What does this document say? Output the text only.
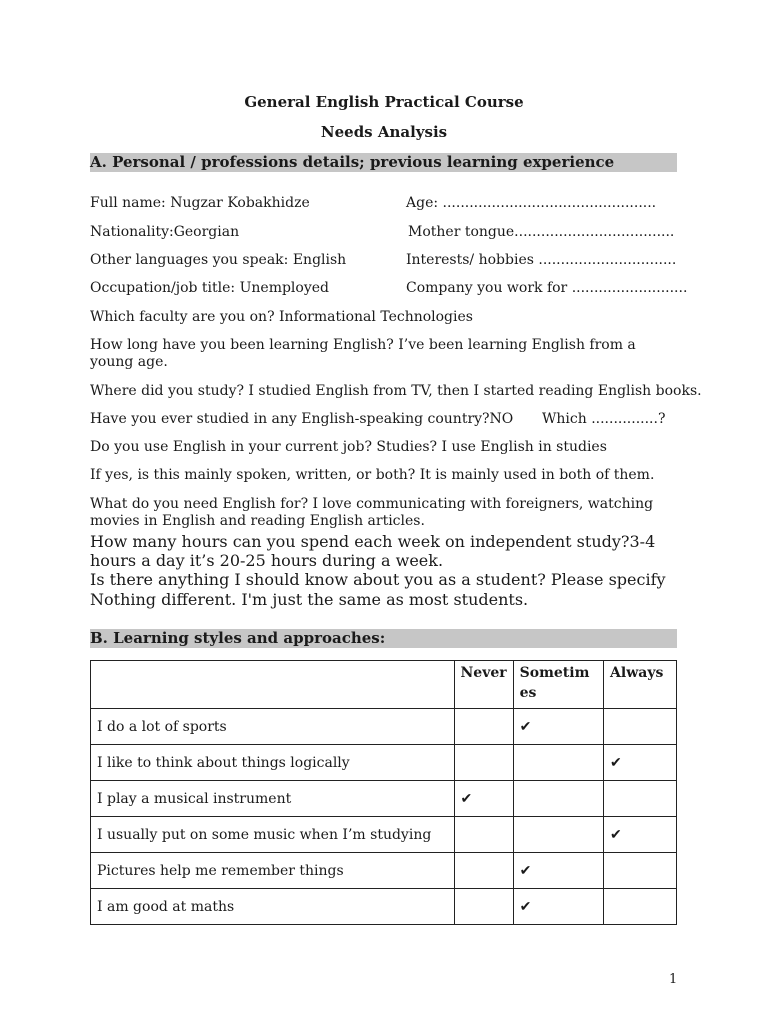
General English Practical Course
Needs Analysis
A. Personal / professions details; previous learning experience
Full name: Nugzar Kobakhidze	Age: ................................................
Nationality:Georgian	Mother tongue....................................
Other languages you speak: English	Interests/ hobbies ...............................
Occupation/job title: Unemployed	Company you work for ..........................
Which faculty are you on? Informational Technologies
How long have you been learning English? I’ve been learning English from a young age.
Where did you study? I studied English from TV, then I started reading English books.
Have you ever studied in any English-speaking country?NO Which ...............?
Do you use English in your current job? Studies? I use English in studies
If yes, is this mainly spoken, written, or both? It is mainly used in both of them.
What do you need English for? I love communicating with foreigners, watching movies in English and reading English articles.
How many hours can you spend each week on independent study?3-4 hours a day it’s 20-25 hours during a week.
Is there anything I should know about you as a student? Please specify
Nothing different. I'm just the same as most students.
B. Learning styles and approaches:
	Never	Sometimes	Always
I do a lot of sports		✔	
I like to think about things logically			✔
I play a musical instrument	✔		
I usually put on some music when I’m studying			✔
Pictures help me remember things		✔	
I am good at maths		✔	
1
